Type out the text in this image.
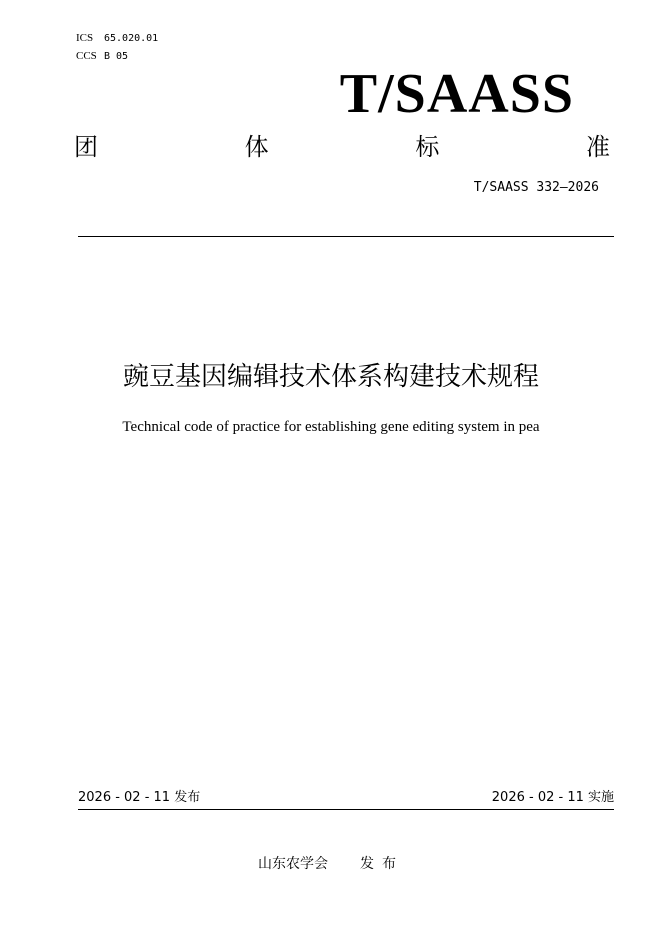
ICS 65.020.01
CCS B 05
T/SAASS
团	体	标	准
T/SAASS 332—2026
豌豆基因编辑技术体系构建技术规程
Technical code of practice for establishing gene editing system in pea
2026 - 02 - 11 发布	2026 - 02 - 11 实施
山东农学会 发布
